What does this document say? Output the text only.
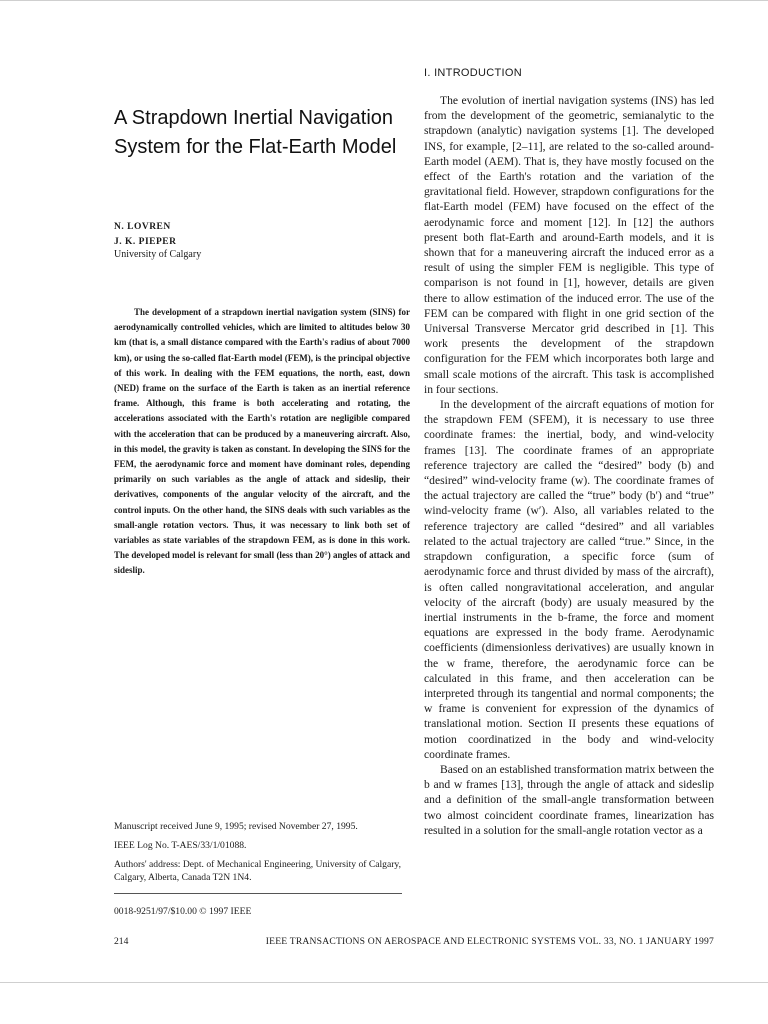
A Strapdown Inertial Navigation System for the Flat-Earth Model
N. LOVREN
J. K. PIEPER
University of Calgary

The development of a strapdown inertial navigation system (SINS) for aerodynamically controlled vehicles, which are limited to altitudes below 30 km (that is, a small distance compared with the Earth's radius of about 7000 km), or using the so-called flat-Earth model (FEM), is the principal objective of this work. In dealing with the FEM equations, the north, east, down (NED) frame on the surface of the Earth is taken as an inertial reference frame. Although, this frame is both accelerating and rotating, the accelerations associated with the Earth's rotation are negligible compared with the acceleration that can be produced by a maneuvering aircraft. Also, in this model, the gravity is taken as constant. In developing the SINS for the FEM, the aerodynamic force and moment have dominant roles, depending primarily on such variables as the angle of attack and sideslip, their derivatives, components of the angular velocity of the aircraft, and the control inputs. On the other hand, the SINS deals with such variables as the small-angle rotation vectors. Thus, it was necessary to link both set of variables as state variables of the strapdown FEM, as is done in this work. The developed model is relevant for small (less than 20°) angles of attack and sideslip.

Manuscript received June 9, 1995; revised November 27, 1995.

IEEE Log No. T-AES/33/1/01088.

Authors' address: Dept. of Mechanical Engineering, University of Calgary, Calgary, Alberta, Canada T2N 1N4.

0018-9251/97/$10.00 © 1997 IEEE

I. INTRODUCTION

The evolution of inertial navigation systems (INS) has led from the development of the geometric, semianalytic to the strapdown (analytic) navigation systems [1]. The developed INS, for example, [2–11], are related to the so-called around-Earth model (AEM). That is, they have mostly focused on the effect of the Earth's rotation and the variation of the gravitational field. However, strapdown configurations for the flat-Earth model (FEM) have focused on the effect of the aerodynamic force and moment [12]. In [12] the authors present both flat-Earth and around-Earth models, and it is shown that for a maneuvering aircraft the induced error as a result of using the simpler FEM is negligible. This type of comparison is not found in [1], however, details are given there to allow estimation of the induced error. The use of the FEM can be compared with flight in one grid section of the Universal Transverse Mercator grid described in [1]. This work presents the development of the strapdown configuration for the FEM which incorporates both large and small scale motions of the aircraft. This task is accomplished in four sections.

In the development of the aircraft equations of motion for the strapdown FEM (SFEM), it is necessary to use three coordinate frames: the inertial, body, and wind-velocity frames [13]. The coordinate frames of an appropriate reference trajectory are called the “desired” body (b) and “desired” wind-velocity frame (w). The coordinate frames of the actual trajectory are called the “true” body (b′) and “true” wind-velocity frame (w′). Also, all variables related to the reference trajectory are called “desired” and all variables related to the actual trajectory are called “true.” Since, in the strapdown configuration, a specific force (sum of aerodynamic force and thrust divided by mass of the aircraft), is often called nongravitational acceleration, and angular velocity of the aircraft (body) are usualy measured by the inertial instruments in the b-frame, the force and moment equations are expressed in the body frame. Aerodynamic coefficients (dimensionless derivatives) are usually known in the w frame, therefore, the aerodynamic force can be calculated in this frame, and then acceleration can be interpreted through its tangential and normal components; the w frame is convenient for expression of the dynamics of translational motion. Section II presents these equations of motion coordinatized in the body and wind-velocity coordinate frames.

Based on an established transformation matrix between the b and w frames [13], through the angle of attack and sideslip and a definition of the small-angle transformation between two almost coincident coordinate frames, linearization has resulted in a solution for the small-angle rotation vector as a

214	IEEE TRANSACTIONS ON AEROSPACE AND ELECTRONIC SYSTEMS VOL. 33, NO. 1 JANUARY 1997
